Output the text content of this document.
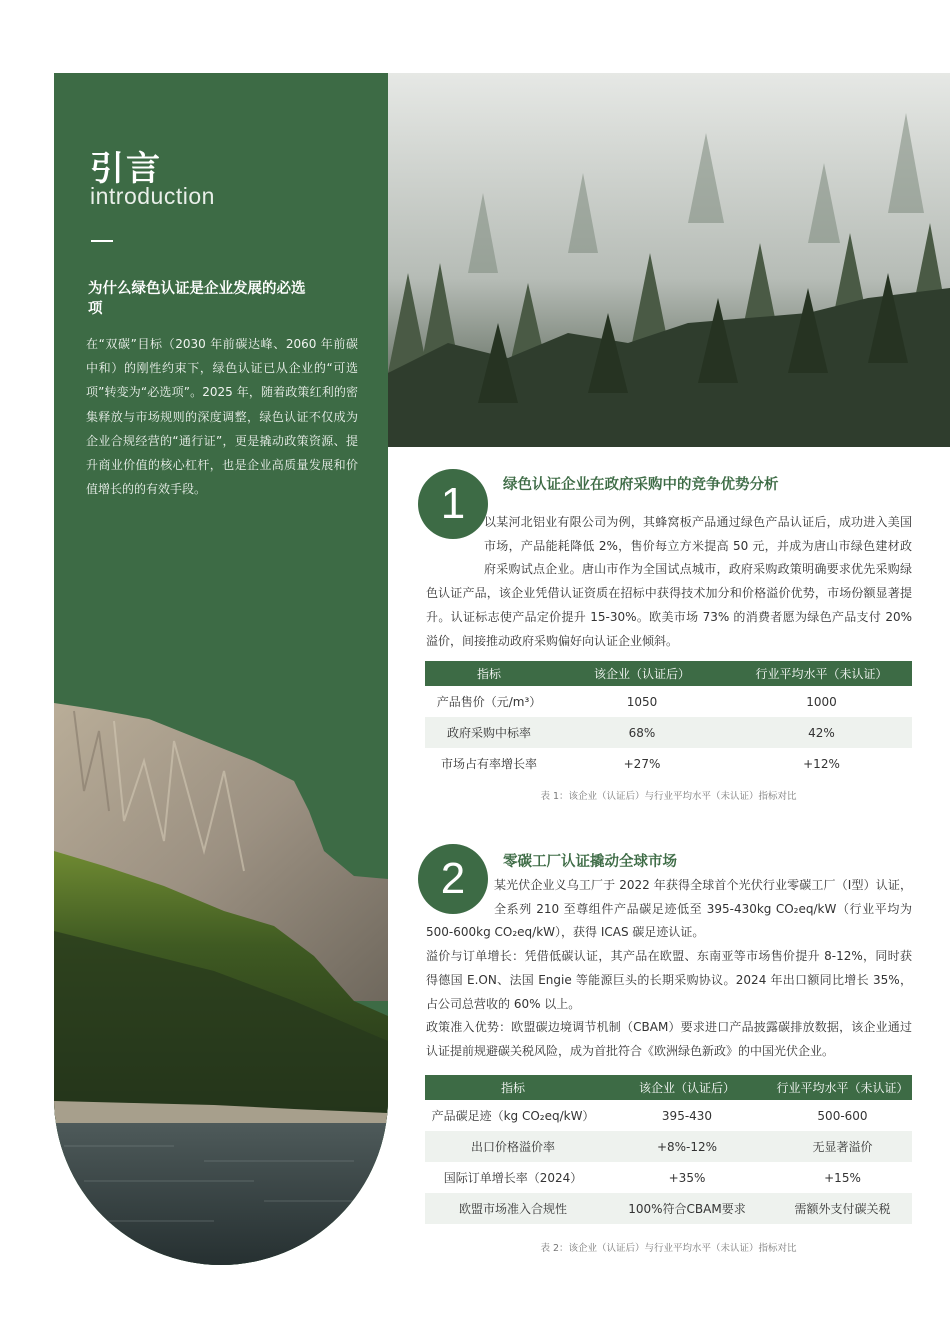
引言
introduction
为什么绿色认证是企业发展的必选项
在“双碳”目标（2030 年前碳达峰、2060 年前碳中和）的刚性约束下，绿色认证已从企业的“可选项”转变为“必选项”。2025 年，随着政策红利的密集释放与市场规则的深度调整，绿色认证不仅成为企业合规经营的“通行证”，更是撬动政策资源、提升商业价值的核心杠杆，也是企业高质量发展和价值增长的的有效手段。	1	绿色认证企业在政府采购中的竞争优势分析
以某河北铝业有限公司为例，其蜂窝板产品通过绿色产品认证后，成功进入美国市场，产品能耗降低 2%，售价每立方米提高 50 元，并成为唐山市绿色建材政府采购试点企业。唐山市作为全国试点城市，政府采购政策明确要求优先采购绿色认证产品，该企业凭借认证资质在招标中获得技术加分和价格溢价优势，市场份额显著提升。认证标志使产品定价提升 15-30%。欧美市场 73% 的消费者愿为绿色产品支付 20% 溢价，间接推动政府采购偏好向认证企业倾斜。
指标	该企业（认证后）	行业平均水平（未认证）
产品售价（元/m³）	1050	1000
政府采购中标率	68%	42%
市场占有率增长率	+27%	+12%
表 1：该企业（认证后）与行业平均水平（未认证）指标对比
2	零碳工厂认证撬动全球市场
某光伏企业义乌工厂于 2022 年获得全球首个光伏行业零碳工厂（Ⅰ型）认证，全系列 210 至尊组件产品碳足迹低至 395-430kg CO₂eq/kW（行业平均为 500-600kg CO₂eq/kW），获得 ICAS 碳足迹认证。
溢价与订单增长：凭借低碳认证，其产品在欧盟、东南亚等市场售价提升 8-12%，同时获得德国 E.ON、法国 Engie 等能源巨头的长期采购协议。2024 年出口额同比增长 35%，占公司总营收的 60% 以上。
政策准入优势：欧盟碳边境调节机制（CBAM）要求进口产品披露碳排放数据，该企业通过认证提前规避碳关税风险，成为首批符合《欧洲绿色新政》的中国光伏企业。
指标	该企业（认证后）	行业平均水平（未认证）
产品碳足迹（kg CO₂eq/kW）	395-430	500-600
出口价格溢价率	+8%-12%	无显著溢价
国际订单增长率（2024）	+35%	+15%
欧盟市场准入合规性	100%符合CBAM要求	需额外支付碳关税
表 2：该企业（认证后）与行业平均水平（未认证）指标对比
